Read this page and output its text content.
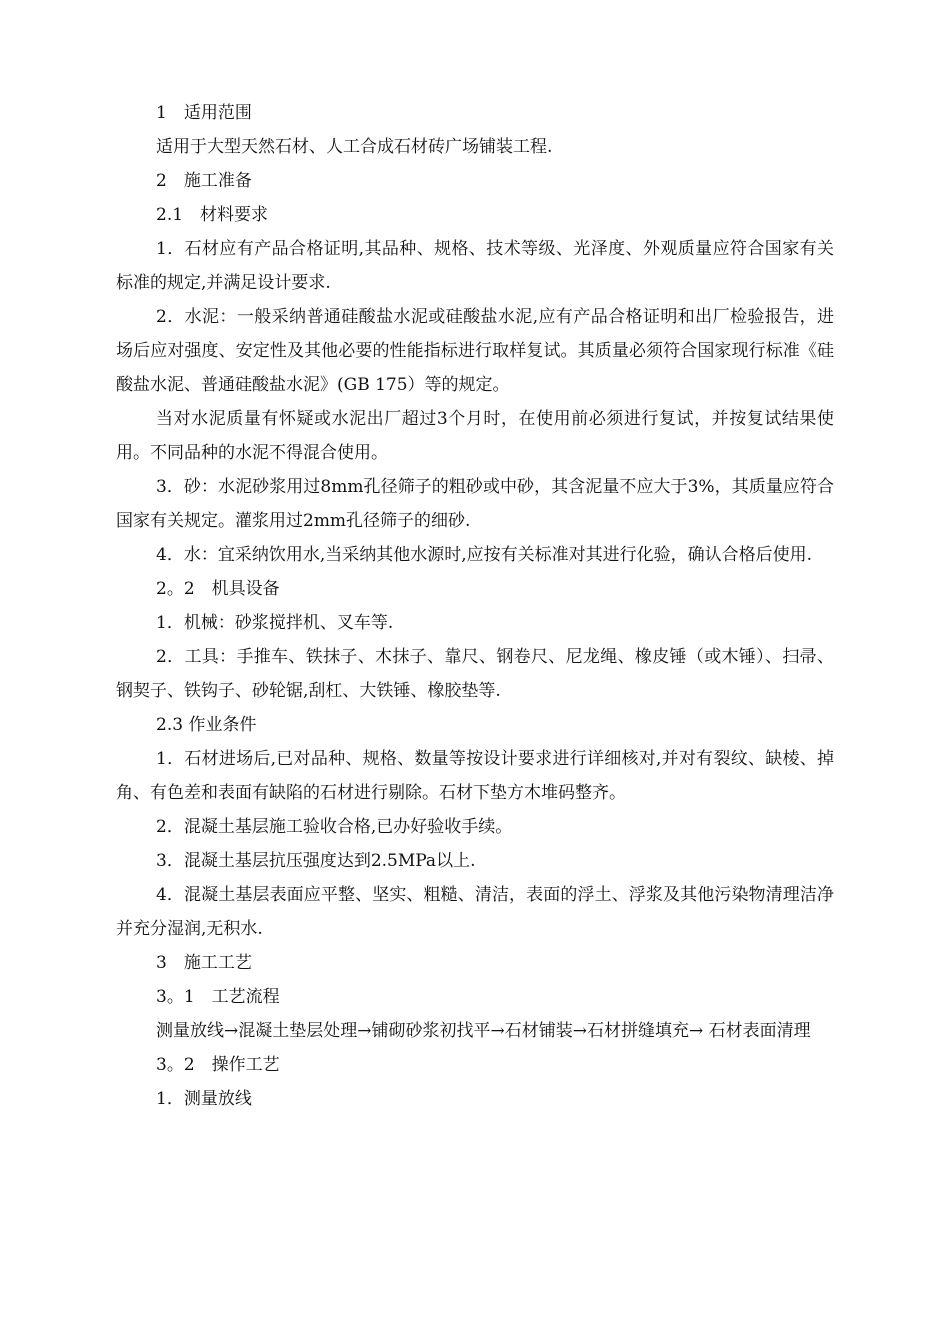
1　适用范围

适用于大型天然石材、人工合成石材砖广场铺装工程.

2　施工准备

2.1　材料要求

1．石材应有产品合格证明,其品种、规格、技术等级、光泽度、外观质量应符合国家有关标准的规定,并满足设计要求.

2．水泥：一般采纳普通硅酸盐水泥或硅酸盐水泥,应有产品合格证明和出厂检验报告，进场后应对强度、安定性及其他必要的性能指标进行取样复试。其质量必须符合国家现行标准《硅酸盐水泥、普通硅酸盐水泥》(GB 175）等的规定。

当对水泥质量有怀疑或水泥出厂超过3个月时，在使用前必须进行复试，并按复试结果使用。不同品种的水泥不得混合使用。

3．砂：水泥砂浆用过8mm孔径筛子的粗砂或中砂，其含泥量不应大于3%，其质量应符合国家有关规定。灌浆用过2mm孔径筛子的细砂.

4．水：宜采纳饮用水,当采纳其他水源时,应按有关标准对其进行化验，确认合格后使用.

2。2　机具设备

1．机械：砂浆搅拌机、叉车等.

2．工具：手推车、铁抹子、木抹子、靠尺、钢卷尺、尼龙绳、橡皮锤（或木锤）、扫帚、钢契子、铁钩子、砂轮锯,刮杠、大铁锤、橡胶垫等.

2.3 作业条件

1．石材进场后,已对品种、规格、数量等按设计要求进行详细核对,并对有裂纹、缺棱、掉角、有色差和表面有缺陷的石材进行剔除。石材下垫方木堆码整齐。

2．混凝土基层施工验收合格,已办好验收手续。

3．混凝土基层抗压强度达到2.5MPa以上.

4．混凝土基层表面应平整、坚实、粗糙、清洁，表面的浮土、浮浆及其他污染物清理洁净并充分湿润,无积水.

3　施工工艺

3。1　工艺流程

测量放线→混凝土垫层处理→铺砌砂浆初找平→石材铺装→石材拼缝填充→ 石材表面清理

3。2　操作工艺

1．测量放线
